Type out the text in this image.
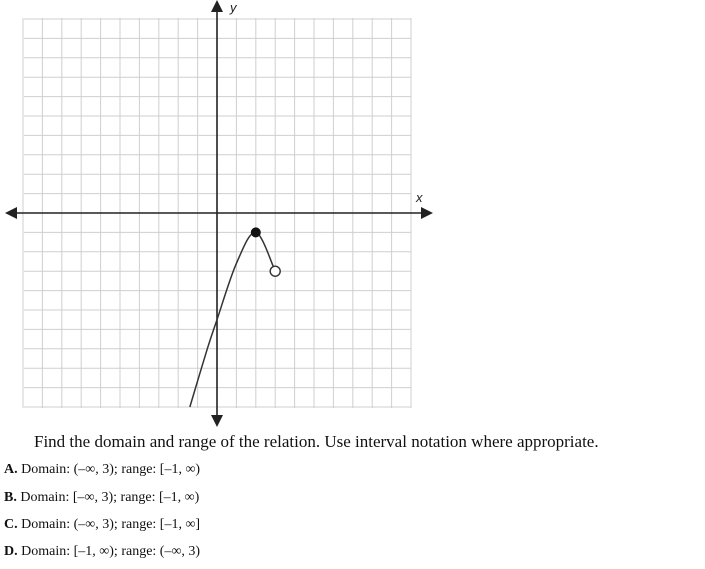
y
x
Find the domain and range of the relation. Use interval notation where appropriate.
A. Domain: (–∞, 3); range: [–1, ∞)
B. Domain: [–∞, 3); range: [–1, ∞)
C. Domain: (–∞, 3); range: [–1, ∞]
D. Domain: [–1, ∞); range: (–∞, 3)
